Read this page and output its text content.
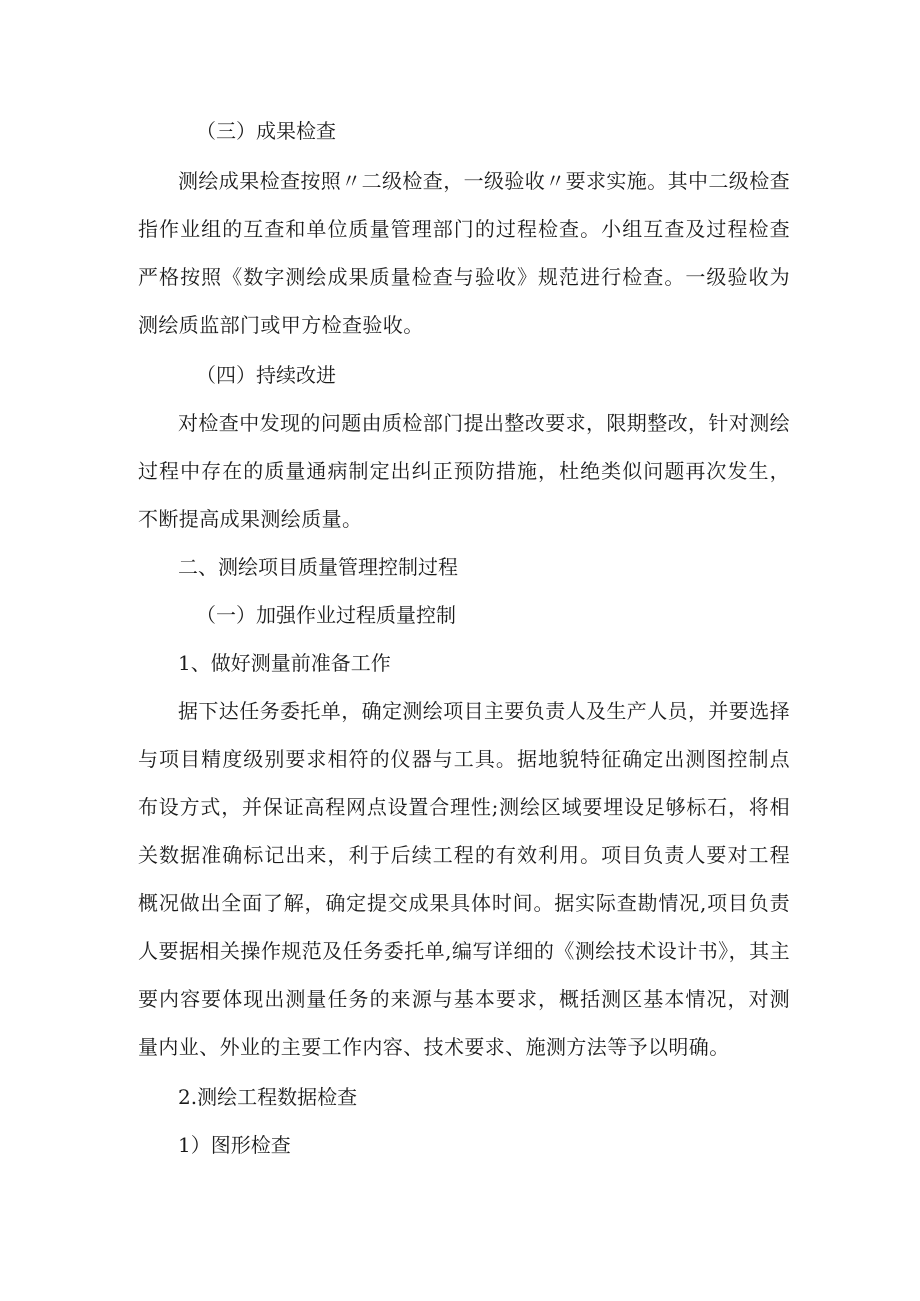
（三）成果检查

测绘成果检查按照〃二级检查，一级验收〃要求实施。其中二级检查指作业组的互查和单位质量管理部门的过程检查。小组互查及过程检查严格按照《数字测绘成果质量检查与验收》规范进行检查。一级验收为测绘质监部门或甲方检查验收。

（四）持续改进

对检查中发现的问题由质检部门提出整改要求，限期整改，针对测绘过程中存在的质量通病制定出纠正预防措施，杜绝类似问题再次发生，不断提高成果测绘质量。

二、测绘项目质量管理控制过程

（一）加强作业过程质量控制

1、做好测量前准备工作

据下达任务委托单，确定测绘项目主要负责人及生产人员，并要选择与项目精度级别要求相符的仪器与工具。据地貌特征确定出测图控制点布设方式，并保证高程网点设置合理性;测绘区域要埋设足够标石，将相关数据准确标记出来，利于后续工程的有效利用。项目负责人要对工程概况做出全面了解，确定提交成果具体时间。据实际查勘情况,项目负责人要据相关操作规范及任务委托单,编写详细的《测绘技术设计书》，其主要内容要体现出测量任务的来源与基本要求，概括测区基本情况，对测量内业、外业的主要工作内容、技术要求、施测方法等予以明确。

2.测绘工程数据检查

1）图形检查
